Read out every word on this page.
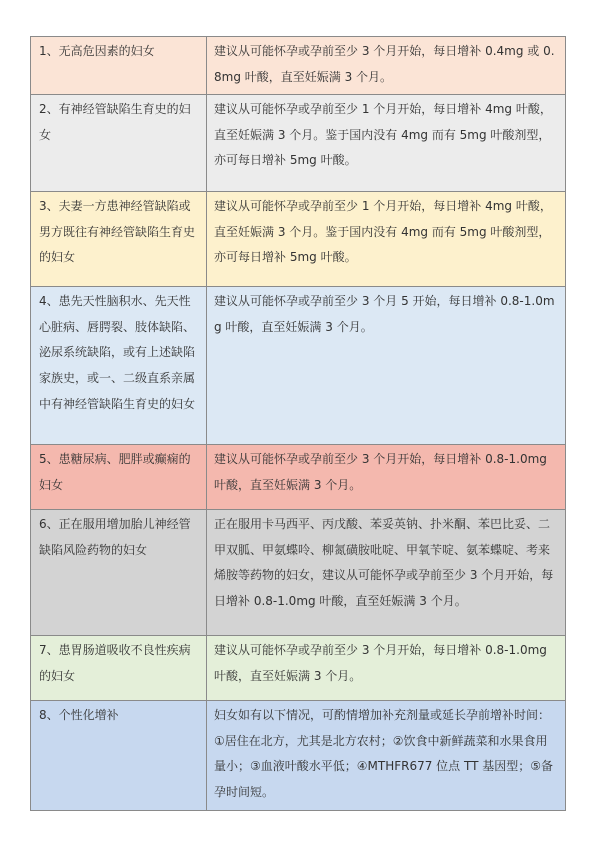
1、无高危因素的妇女	建议从可能怀孕或孕前至少 3 个月开始，每日增补 0.4mg 或 0.8mg 叶酸，直至妊娠满 3 个月。
2、有神经管缺陷生育史的妇女	建议从可能怀孕或孕前至少 1 个月开始，每日增补 4mg 叶酸，直至妊娠满 3 个月。鉴于国内没有 4mg 而有 5mg 叶酸剂型，亦可每日增补 5mg 叶酸。
3、夫妻一方患神经管缺陷或男方既往有神经管缺陷生育史的妇女	建议从可能怀孕或孕前至少 1 个月开始，每日增补 4mg 叶酸，直至妊娠满 3 个月。鉴于国内没有 4mg 而有 5mg 叶酸剂型，亦可每日增补 5mg 叶酸。
4、患先天性脑积水、先天性心脏病、唇腭裂、肢体缺陷、泌尿系统缺陷，或有上述缺陷家族史，或一、二级直系亲属中有神经管缺陷生育史的妇女	建议从可能怀孕或孕前至少 3 个月 5 开始，每日增补 0.8-1.0mg 叶酸，直至妊娠满 3 个月。
5、患糖尿病、肥胖或癫痫的妇女	建议从可能怀孕或孕前至少 3 个月开始，每日增补 0.8-1.0mg 叶酸，直至妊娠满 3 个月。
6、正在服用增加胎儿神经管缺陷风险药物的妇女	正在服用卡马西平、丙戊酸、苯妥英钠、扑米酮、苯巴比妥、二甲双胍、甲氨蝶呤、柳氮磺胺吡啶、甲氧苄啶、氨苯蝶啶、考来烯胺等药物的妇女，建议从可能怀孕或孕前至少 3 个月开始，每日增补 0.8-1.0mg 叶酸，直至妊娠满 3 个月。
7、患胃肠道吸收不良性疾病的妇女	建议从可能怀孕或孕前至少 3 个月开始，每日增补 0.8-1.0mg 叶酸，直至妊娠满 3 个月。
8、个性化增补	妇女如有以下情况，可酌情增加补充剂量或延长孕前增补时间：①居住在北方，尤其是北方农村；②饮食中新鲜蔬菜和水果食用量小；③血液叶酸水平低；④MTHFR677 位点 TT 基因型；⑤备孕时间短。
